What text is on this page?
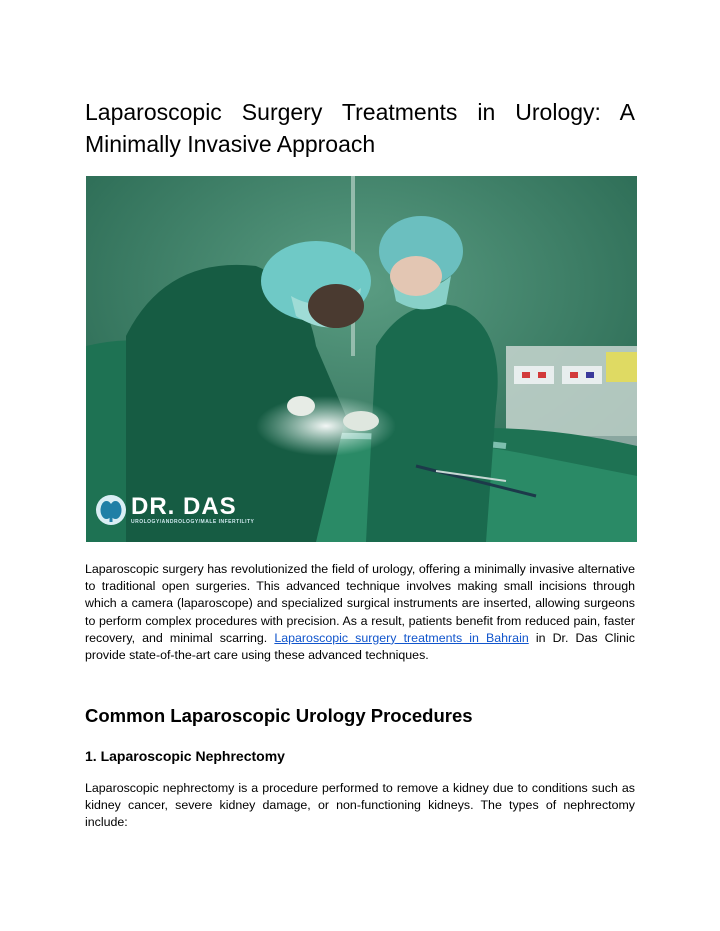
Laparoscopic Surgery Treatments in Urology: A Minimally Invasive Approach
DR. DAS
UROLOGY/ANDROLOGY/MALE INFERTILITY

Laparoscopic surgery has revolutionized the field of urology, offering a minimally invasive alternative to traditional open surgeries. This advanced technique involves making small incisions through which a camera (laparoscope) and specialized surgical instruments are inserted, allowing surgeons to perform complex procedures with precision. As a result, patients benefit from reduced pain, faster recovery, and minimal scarring. Laparoscopic surgery treatments in Bahrain in Dr. Das Clinic provide state-of-the-art care using these advanced techniques.

Common Laparoscopic Urology Procedures
1. Laparoscopic Nephrectomy

Laparoscopic nephrectomy is a procedure performed to remove a kidney due to conditions such as kidney cancer, severe kidney damage, or non-functioning kidneys. The types of nephrectomy include:
